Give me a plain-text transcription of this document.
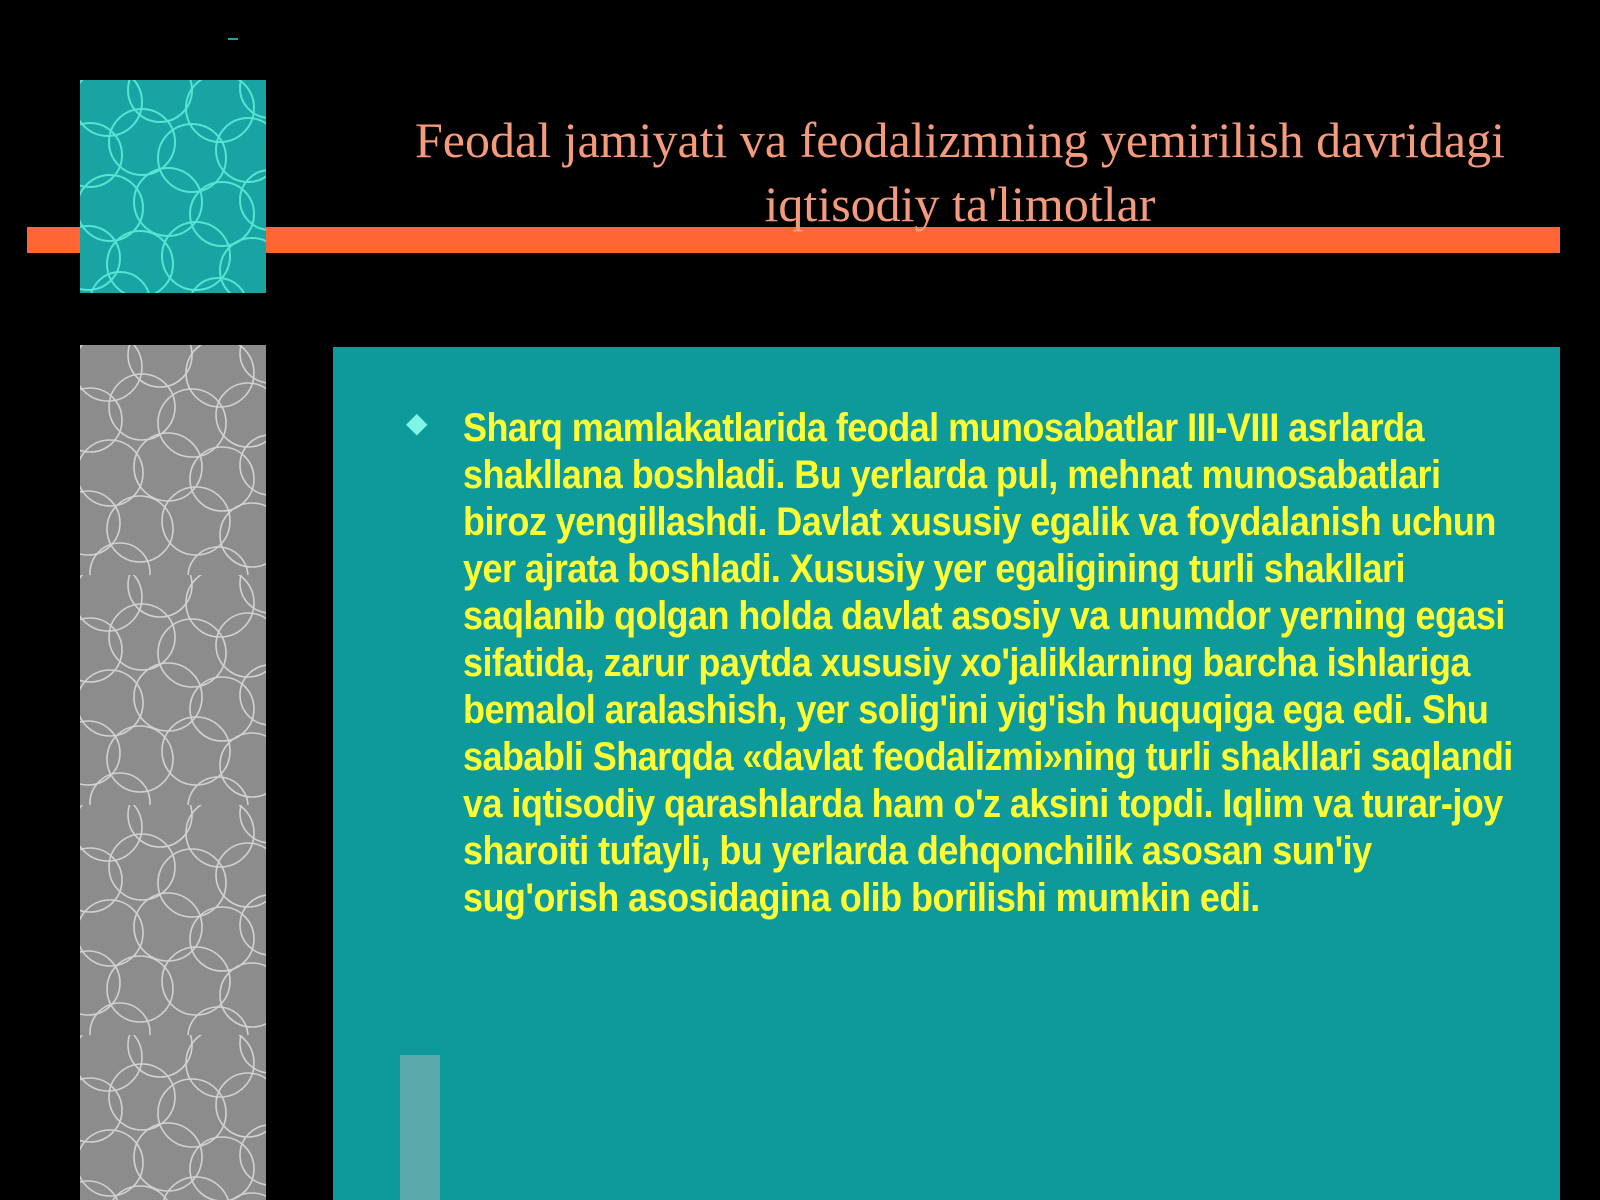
Feodal jamiyati va feodalizmning yemirilish davridagi iqtisodiy ta'limotlar
◆ Sharq mamlakatlarida feodal munosabatlar III-VIII asrlarda shakllana boshladi. Bu yerlarda pul, mehnat munosabatlari biroz yengillashdi. Davlat xususiy egalik va foydalanish uchun yer ajrata boshladi. Xususiy yer egaligining turli shakllari saqlanib qolgan holda davlat asosiy va unumdor yerning egasi sifatida, zarur paytda xususiy xo'jaliklarning barcha ishlariga bemalol aralashish, yer solig'ini yig'ish huquqiga ega edi. Shu sababli Sharqda «davlat feodalizmi»ning turli shakllari saqlandi va iqtisodiy qarashlarda ham o'z aksini topdi. Iqlim va turar-joy sharoiti tufayli, bu yerlarda dehqonchilik asosan sun'iy sug'orish asosidagina olib borilishi mumkin edi.
